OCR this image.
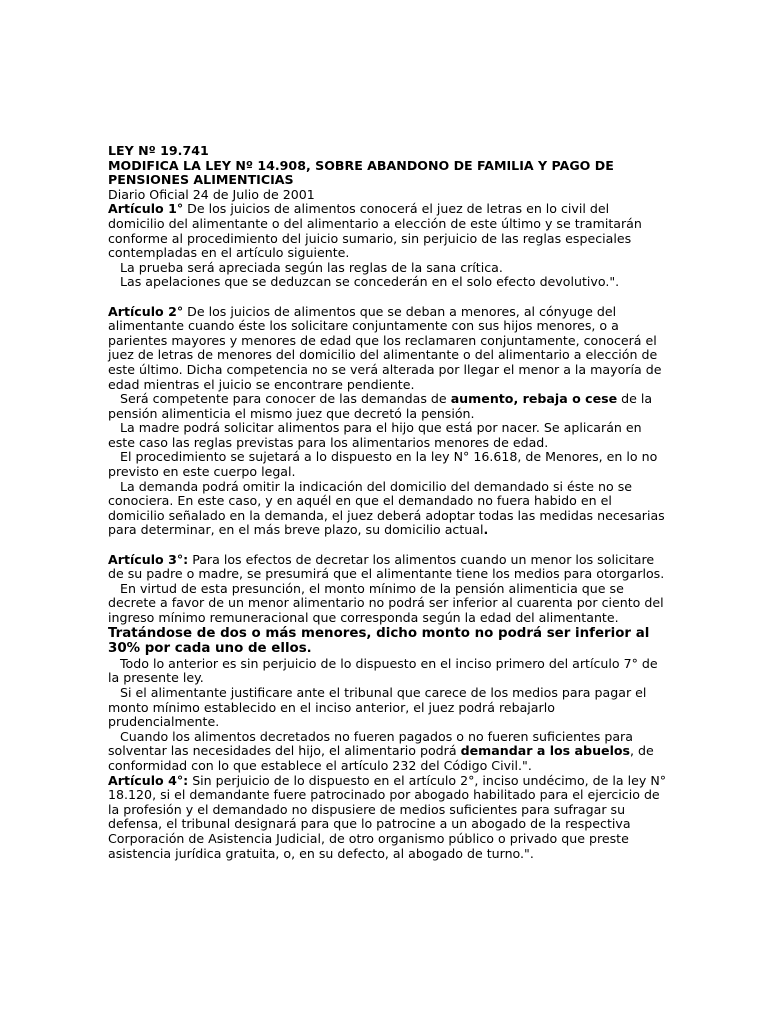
LEY Nº 19.741

MODIFICA LA LEY Nº 14.908, SOBRE ABANDONO DE FAMILIA Y PAGO DE PENSIONES ALIMENTICIAS

Diario Oficial 24 de Julio de 2001

Artículo 1° De los juicios de alimentos conocerá el juez de letras en lo civil del domicilio del alimentante o del alimentario a elección de este último y se tramitarán conforme al procedimiento del juicio sumario, sin perjuicio de las reglas especiales contempladas en el artículo siguiente.

La prueba será apreciada según las reglas de la sana crítica.

Las apelaciones que se deduzcan se concederán en el solo efecto devolutivo.".

Artículo 2° De los juicios de alimentos que se deban a menores, al cónyuge del alimentante cuando éste los solicitare conjuntamente con sus hijos menores, o a parientes mayores y menores de edad que los reclamaren conjuntamente, conocerá el juez de letras de menores del domicilio del alimentante o del alimentario a elección de este último. Dicha competencia no se verá alterada por llegar el menor a la mayoría de edad mientras el juicio se encontrare pendiente.

Será competente para conocer de las demandas de aumento, rebaja o cese de la pensión alimenticia el mismo juez que decretó la pensión.

La madre podrá solicitar alimentos para el hijo que está por nacer. Se aplicarán en este caso las reglas previstas para los alimentarios menores de edad.

El procedimiento se sujetará a lo dispuesto en la ley N° 16.618, de Menores, en lo no previsto en este cuerpo legal.

La demanda podrá omitir la indicación del domicilio del demandado si éste no se conociera. En este caso, y en aquél en que el demandado no fuera habido en el domicilio señalado en la demanda, el juez deberá adoptar todas las medidas necesarias para determinar, en el más breve plazo, su domicilio actual.

Artículo 3°: Para los efectos de decretar los alimentos cuando un menor los solicitare de su padre o madre, se presumirá que el alimentante tiene los medios para otorgarlos.

En virtud de esta presunción, el monto mínimo de la pensión alimenticia que se decrete a favor de un menor alimentario no podrá ser inferior al cuarenta por ciento del ingreso mínimo remuneracional que corresponda según la edad del alimentante.

Tratándose de dos o más menores, dicho monto no podrá ser inferior al 30% por cada uno de ellos.

Todo lo anterior es sin perjuicio de lo dispuesto en el inciso primero del artículo 7° de la presente ley.

Si el alimentante justificare ante el tribunal que carece de los medios para pagar el monto mínimo establecido en el inciso anterior, el juez podrá rebajarlo prudencialmente.

Cuando los alimentos decretados no fueren pagados o no fueren suficientes para solventar las necesidades del hijo, el alimentario podrá demandar a los abuelos, de conformidad con lo que establece el artículo 232 del Código Civil.".

Artículo 4°: Sin perjuicio de lo dispuesto en el artículo 2°, inciso undécimo, de la ley N° 18.120, si el demandante fuere patrocinado por abogado habilitado para el ejercicio de la profesión y el demandado no dispusiere de medios suficientes para sufragar su defensa, el tribunal designará para que lo patrocine a un abogado de la respectiva Corporación de Asistencia Judicial, de otro organismo público o privado que preste asistencia jurídica gratuita, o, en su defecto, al abogado de turno.".
